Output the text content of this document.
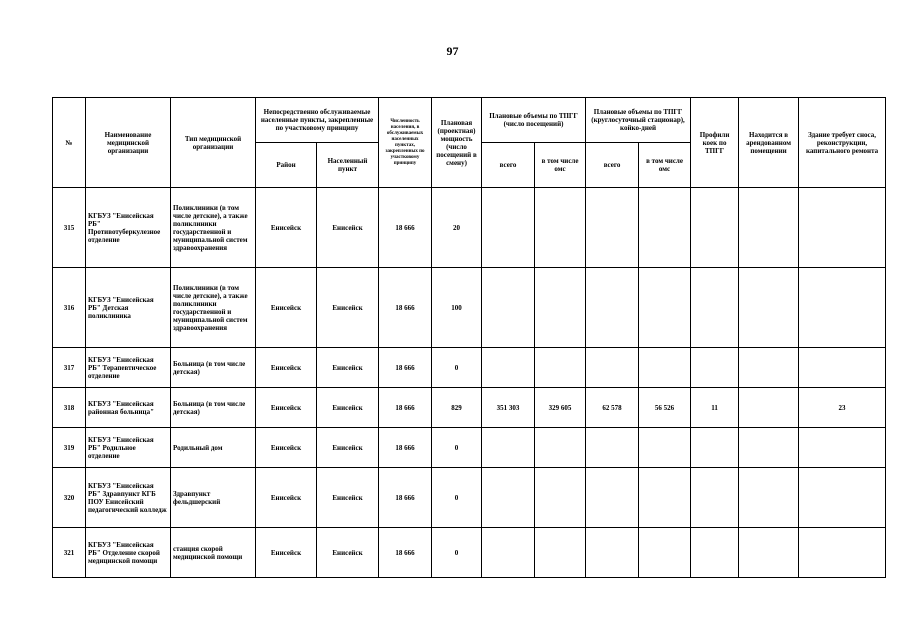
97
№	Наименование медицинской организации	Тип медицинской организации	Непосредственно обслуживаемые населенные пункты, закрепленные по участковому принципу		Численность населения, в обслуживаемых населенных пунктах, закрепленных по участковому принципу	Плановая (проектная) мощность (число посещений в смену)	Плановые объемы по ТПГГ (число посещений)		Плановые объемы по ТПГГ (круглосуточный стационар), койко-дней		Профили коек по ТПГГ	Находится в арендованном помещении	Здание требует сноса, реконструкции, капитального ремонта
			Район	Населенный пункт			всего	в том числе омс	всего	в том числе омс			
315	КГБУЗ "Енисейская РБ" Противотуберкулезное отделение	Поликлиники (в том числе детские), а также поликлиники государственной и муниципальной систем здравоохранения	Енисейск	Енисейск	18 666	20							
316	КГБУЗ "Енисейская РБ" Детская поликлиника	Поликлиники (в том числе детские), а также поликлиники государственной и муниципальной систем здравоохранения	Енисейск	Енисейск	18 666	100							
317	КГБУЗ "Енисейская РБ" Терапевтическое отделение	Больница (в том числе детская)	Енисейск	Енисейск	18 666	0							
318	КГБУЗ "Енисейская районная больница"	Больница (в том числе детская)	Енисейск	Енисейск	18 666	829	351 303	329 605	62 578	56 526	11		23
319	КГБУЗ "Енисейская РБ" Родильное отделение	Родильный дом	Енисейск	Енисейск	18 666	0							
320	КГБУЗ "Енисейская РБ" Здравпункт КГБ ПОУ Енисейский педагогический колледж	Здравпункт фельдшерский	Енисейск	Енисейск	18 666	0							
321	КГБУЗ "Енисейская РБ" Отделение скорой медицинской помощи	станция скорой медицинской помощи	Енисейск	Енисейск	18 666	0							
